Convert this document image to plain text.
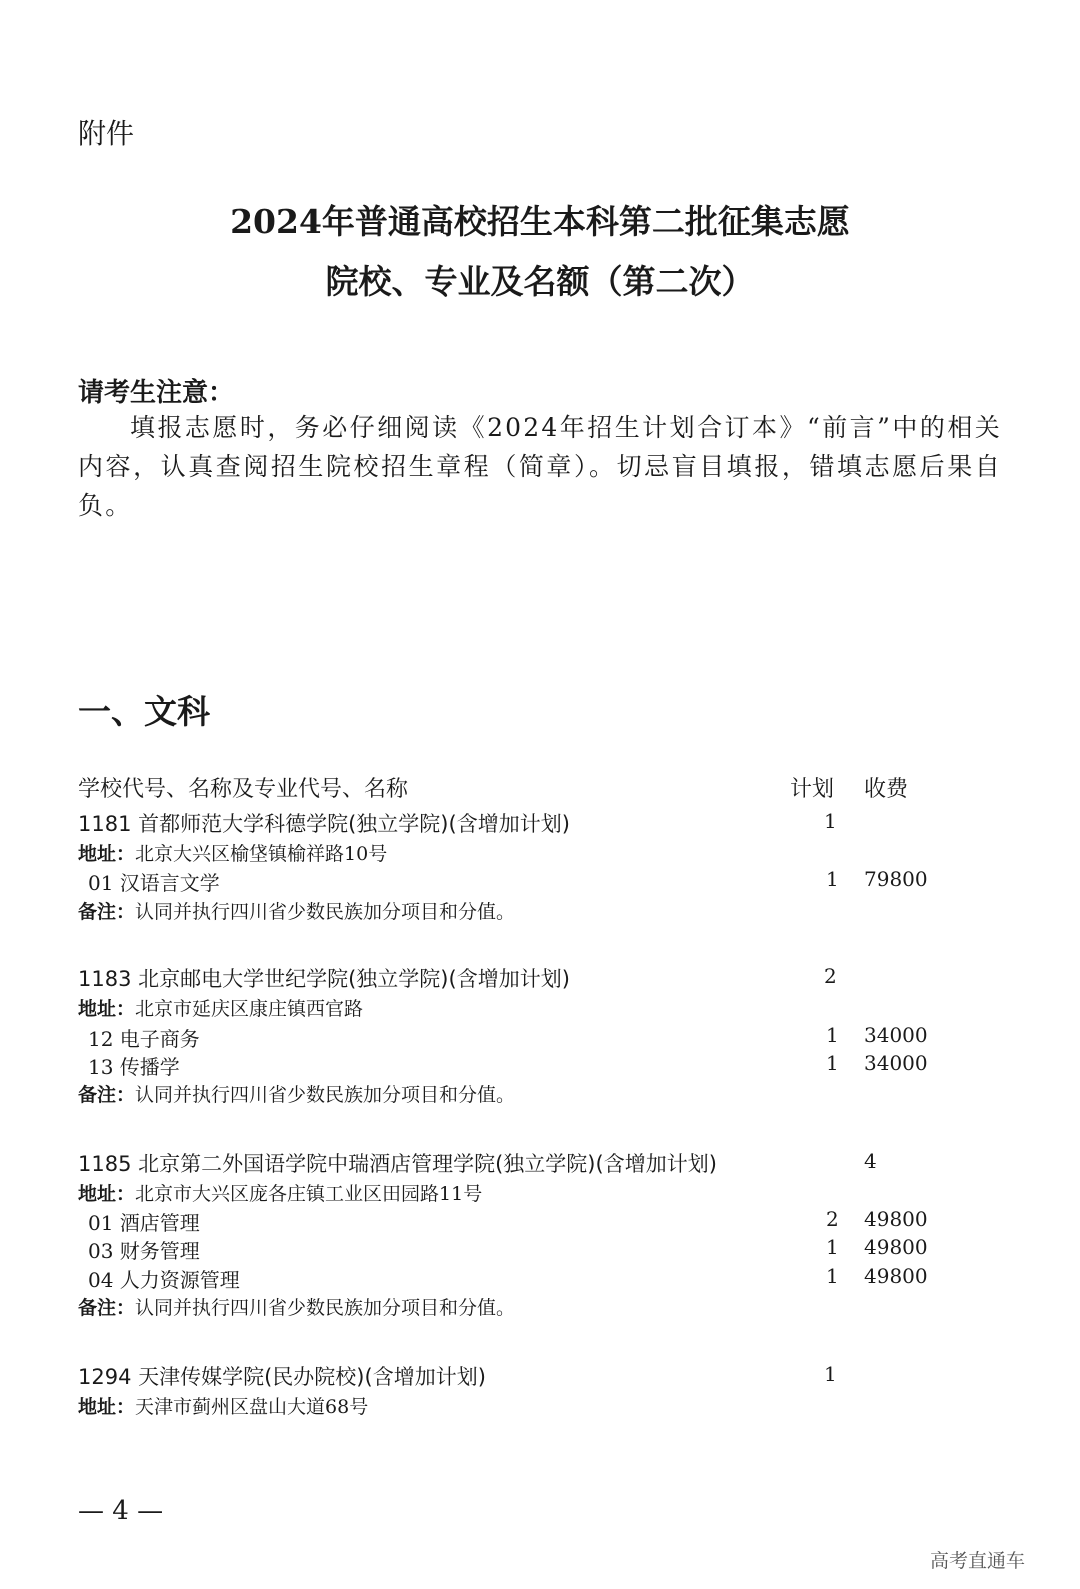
附件
2024年普通高校招生本科第二批征集志愿
院校、专业及名额（第二次）
请考生注意：
填报志愿时，务必仔细阅读《2024年招生计划合订本》“前言”中的相关内容，认真查阅招生院校招生章程（简章）。切忌盲目填报，错填志愿后果自负。
一、文科
学校代号、名称及专业代号、名称	计划 收费
1181 首都师范大学科德学院(独立学院)(含增加计划)	1
地址：北京大兴区榆垡镇榆祥路10号
01 汉语言文学	1 79800
备注：认同并执行四川省少数民族加分项目和分值。
1183 北京邮电大学世纪学院(独立学院)(含增加计划)	2
地址：北京市延庆区康庄镇西官路
12 电子商务	1 34000
13 传播学	1 34000
备注：认同并执行四川省少数民族加分项目和分值。
1185 北京第二外国语学院中瑞酒店管理学院(独立学院)(含增加计划)	4
地址：北京市大兴区庞各庄镇工业区田园路11号
01 酒店管理	2 49800
03 财务管理	1 49800
04 人力资源管理	1 49800
备注：认同并执行四川省少数民族加分项目和分值。
1294 天津传媒学院(民办院校)(含增加计划)	1
地址：天津市蓟州区盘山大道68号
— 4 —
高考直通车
